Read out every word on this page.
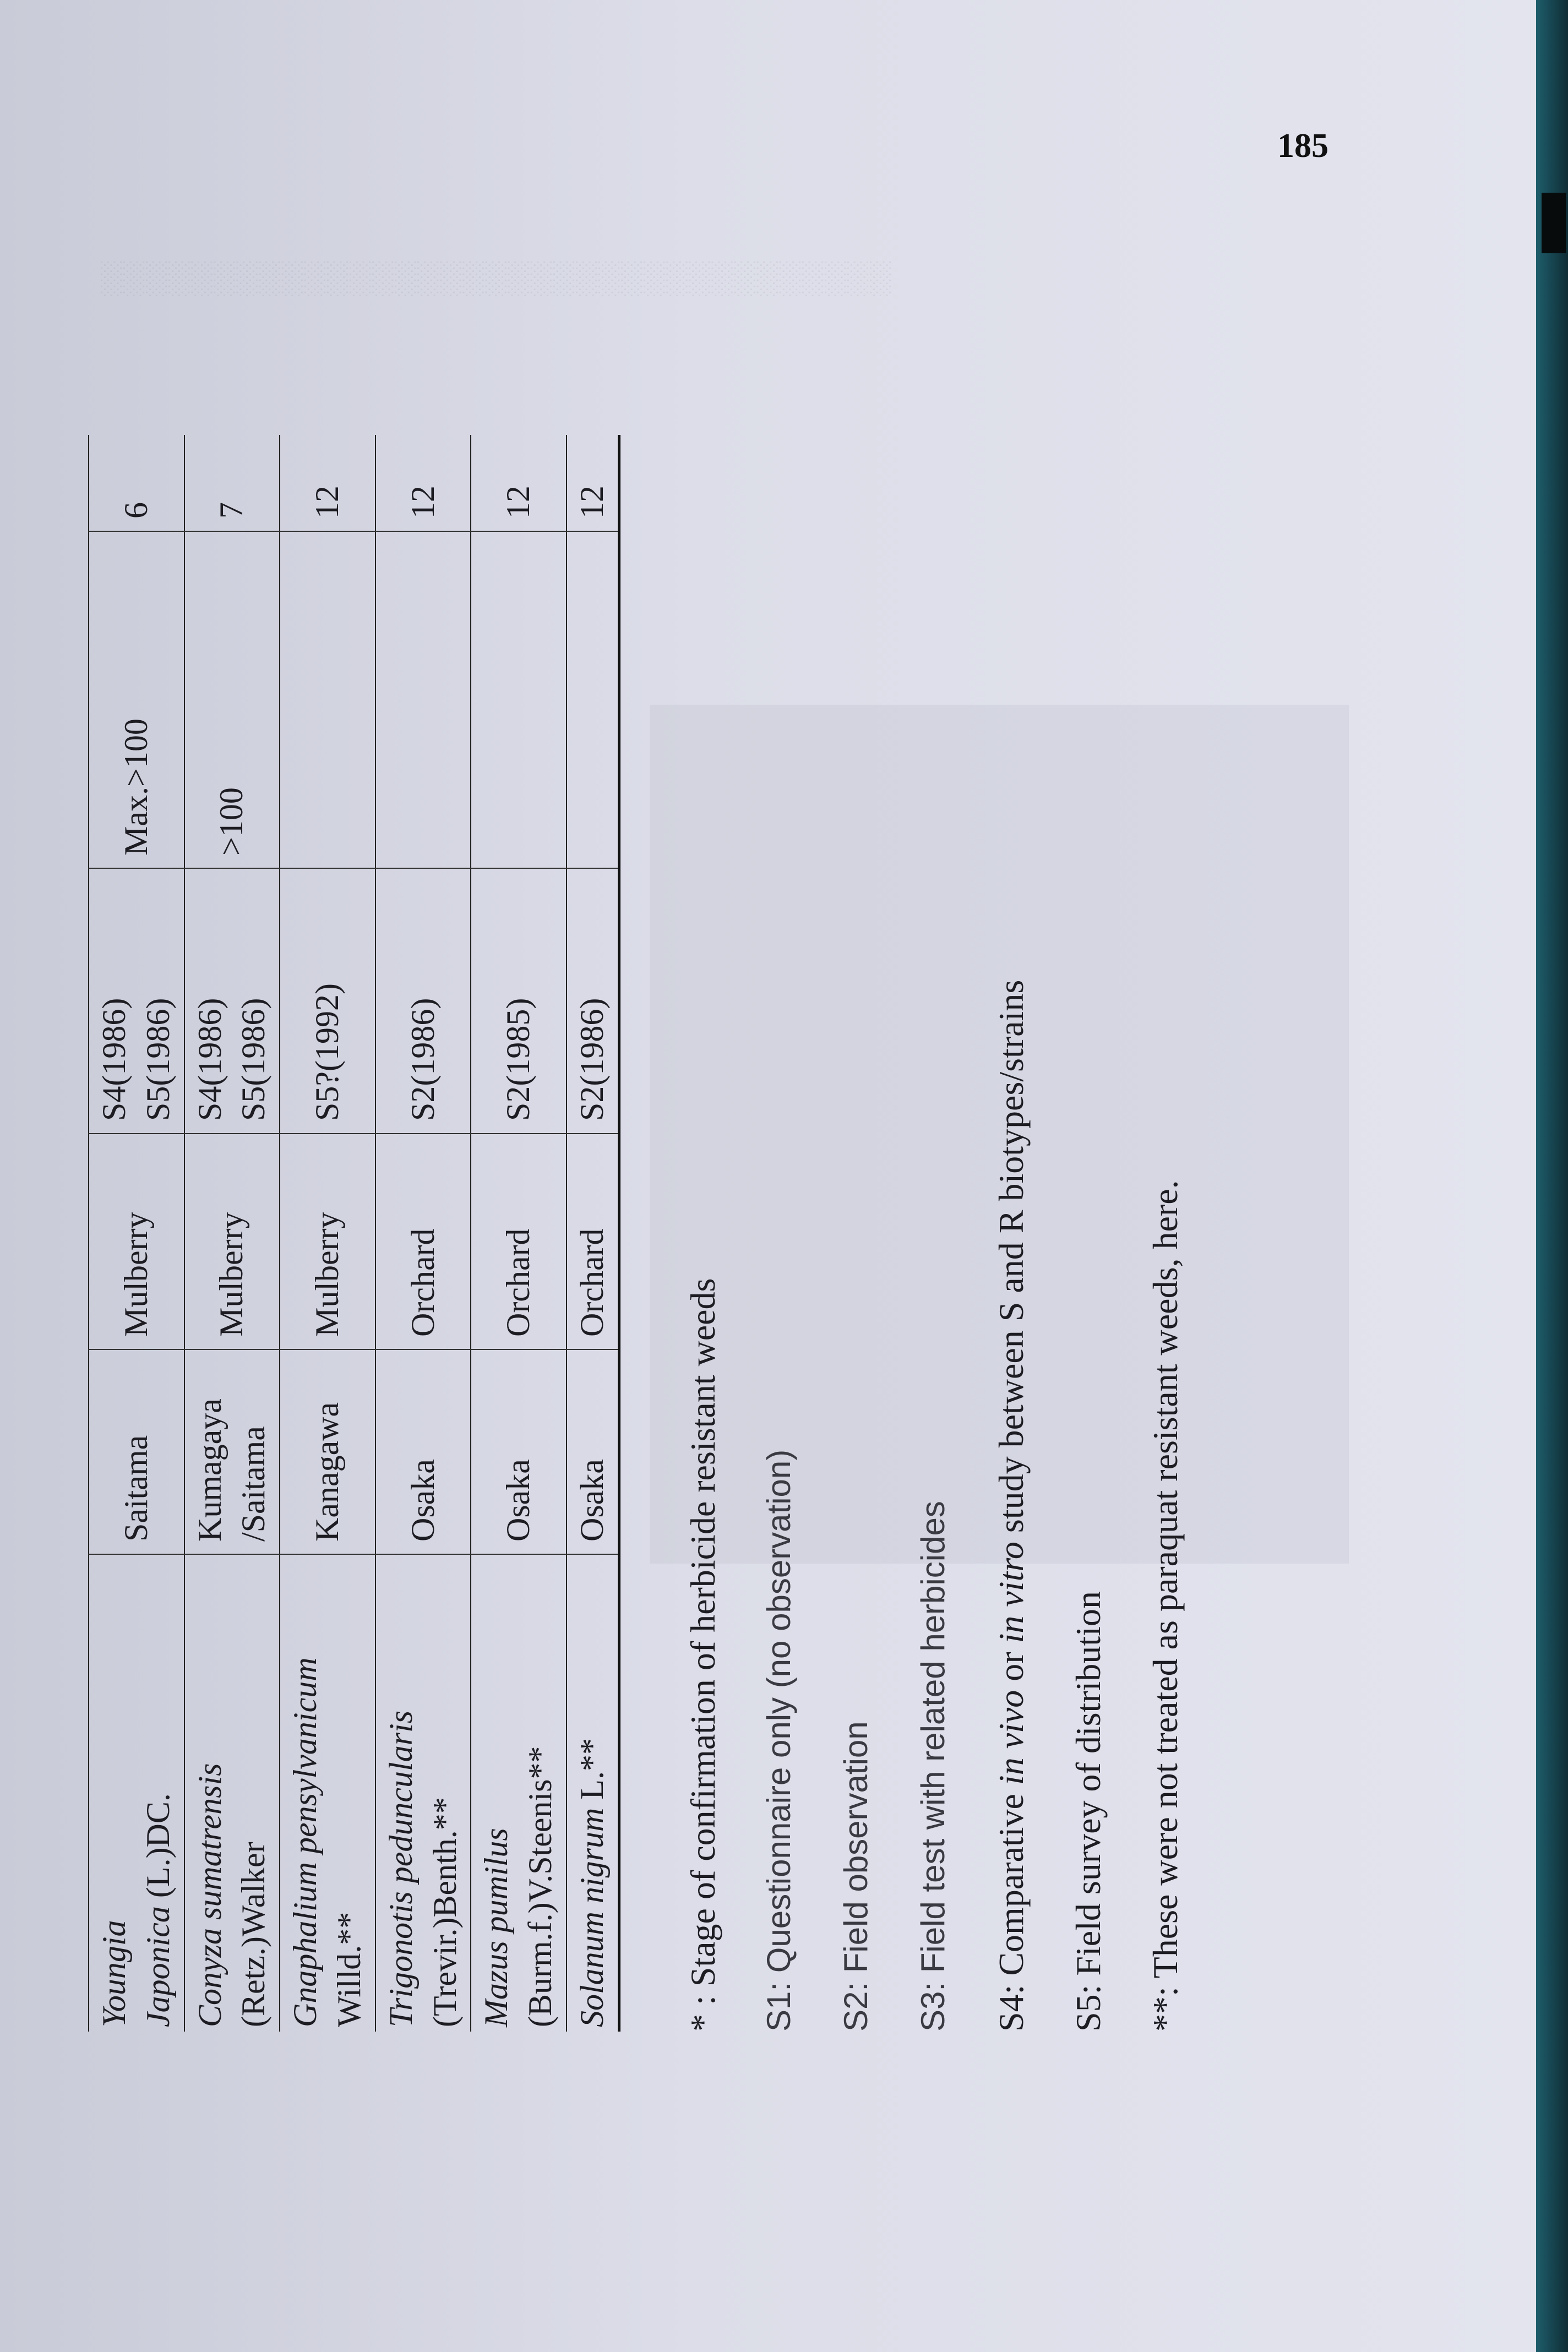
░░░░░░░░░░░░░░░░░░░░░░░░░░░░░░░░░░░
185
Youngia Japonica (L.)DC.	Saitama	Mulberry	S4(1986) S5(1986)	Max.>100	6

Conyza sumatrensis (Retz.)Walker	Kumagaya /Saitama	Mulberry	S4(1986) S5(1986)	>100	7

Gnaphalium pensylvanicum Willd.**	Kanagawa	Mulberry	S5?(1992)		12

Trigonotis peduncularis (Trevir.)Benth.**	Osaka	Orchard	S2(1986)		12

Mazus pumilus (Burm.f.)V.Steenis**	Osaka	Orchard	S2(1985)		12
Solanum nigrum L.**	Osaka	Orchard	S2(1986)		12
* : Stage of confirmation of herbicide resistant weeds S1: Questionnaire only (no observation) S2: Field observation S3: Field test with related herbicides S4: Comparative in vivo or in vitro study between S and R biotypes/strains
S5: Field survey of distribution **: These were not treated as paraquat resistant weeds, here.
